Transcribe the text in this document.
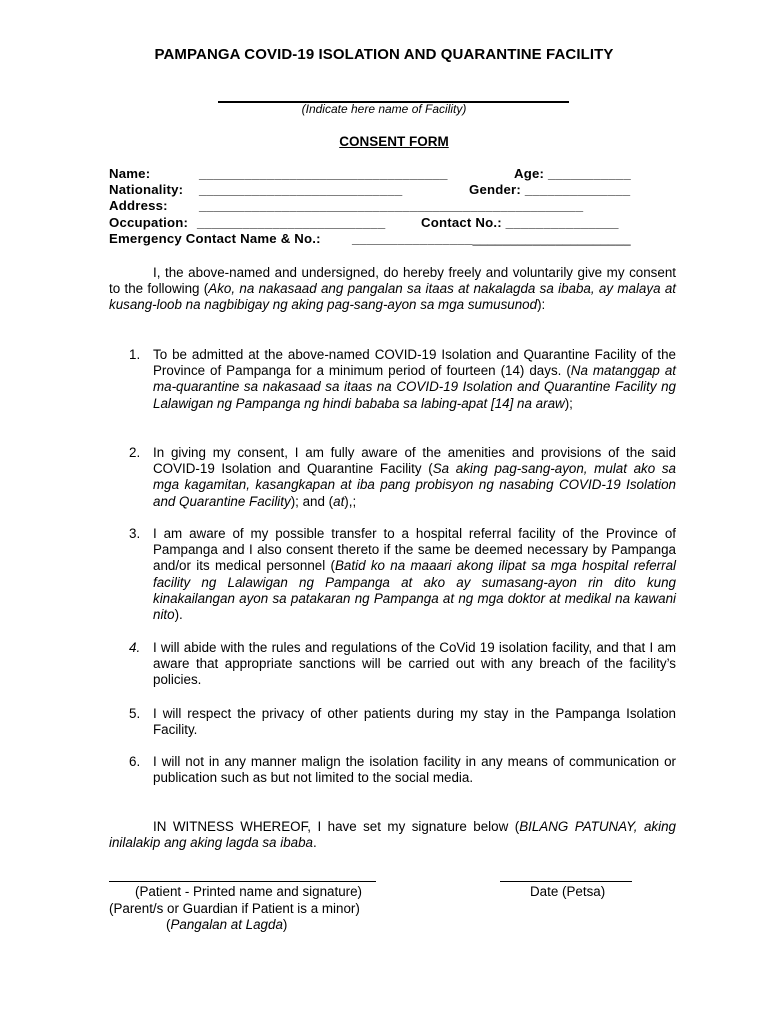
PAMPANGA COVID-19 ISOLATION AND QUARANTINE FACILITY
(Indicate here name of Facility)
CONSENT FORM
Name:	_________________________________	Age: ___________
Nationality: ___________________________	Gender: ______________
Address: ___________________________________________________
Occupation: _________________________	Contact No.: _______________
Emergency Contact Name & No.: _____________________________________
I, the above-named and undersigned, do hereby freely and voluntarily give my consent to the following (Ako, na nakasaad ang pangalan sa itaas at nakalagda sa ibaba, ay malaya at kusang-loob na nagbibigay ng aking pag-sang-ayon sa mga sumusunod):
1. To be admitted at the above-named COVID-19 Isolation and Quarantine Facility of the Province of Pampanga for a minimum period of fourteen (14) days. (Na matanggap at ma-quarantine sa nakasaad sa itaas na COVID-19 Isolation and Quarantine Facility ng Lalawigan ng Pampanga ng hindi bababa sa labing-apat [14] na araw);
2. In giving my consent, I am fully aware of the amenities and provisions of the said COVID-19 Isolation and Quarantine Facility (Sa aking pag-sang-ayon, mulat ako sa mga kagamitan, kasangkapan at iba pang probisyon ng nasabing COVID-19 Isolation and Quarantine Facility); and (at),;
3. I am aware of my possible transfer to a hospital referral facility of the Province of Pampanga and I also consent thereto if the same be deemed necessary by Pampanga and/or its medical personnel (Batid ko na maaari akong ilipat sa mga hospital referral facility ng Lalawigan ng Pampanga at ako ay sumasang-ayon rin dito kung kinakailangan ayon sa patakaran ng Pampanga at ng mga doktor at medikal na kawani nito).
4. I will abide with the rules and regulations of the CoVid 19 isolation facility, and that I am aware that appropriate sanctions will be carried out with any breach of the facility’s policies.
5. I will respect the privacy of other patients during my stay in the Pampanga Isolation Facility.
6. I will not in any manner malign the isolation facility in any means of communication or publication such as but not limited to the social media.
IN WITNESS WHEREOF, I have set my signature below (BILANG PATUNAY, aking inilalakip ang aking lagda sa ibaba.
(Patient - Printed name and signature)	Date (Petsa)
(Parent/s or Guardian if Patient is a minor)
(Pangalan at Lagda)
